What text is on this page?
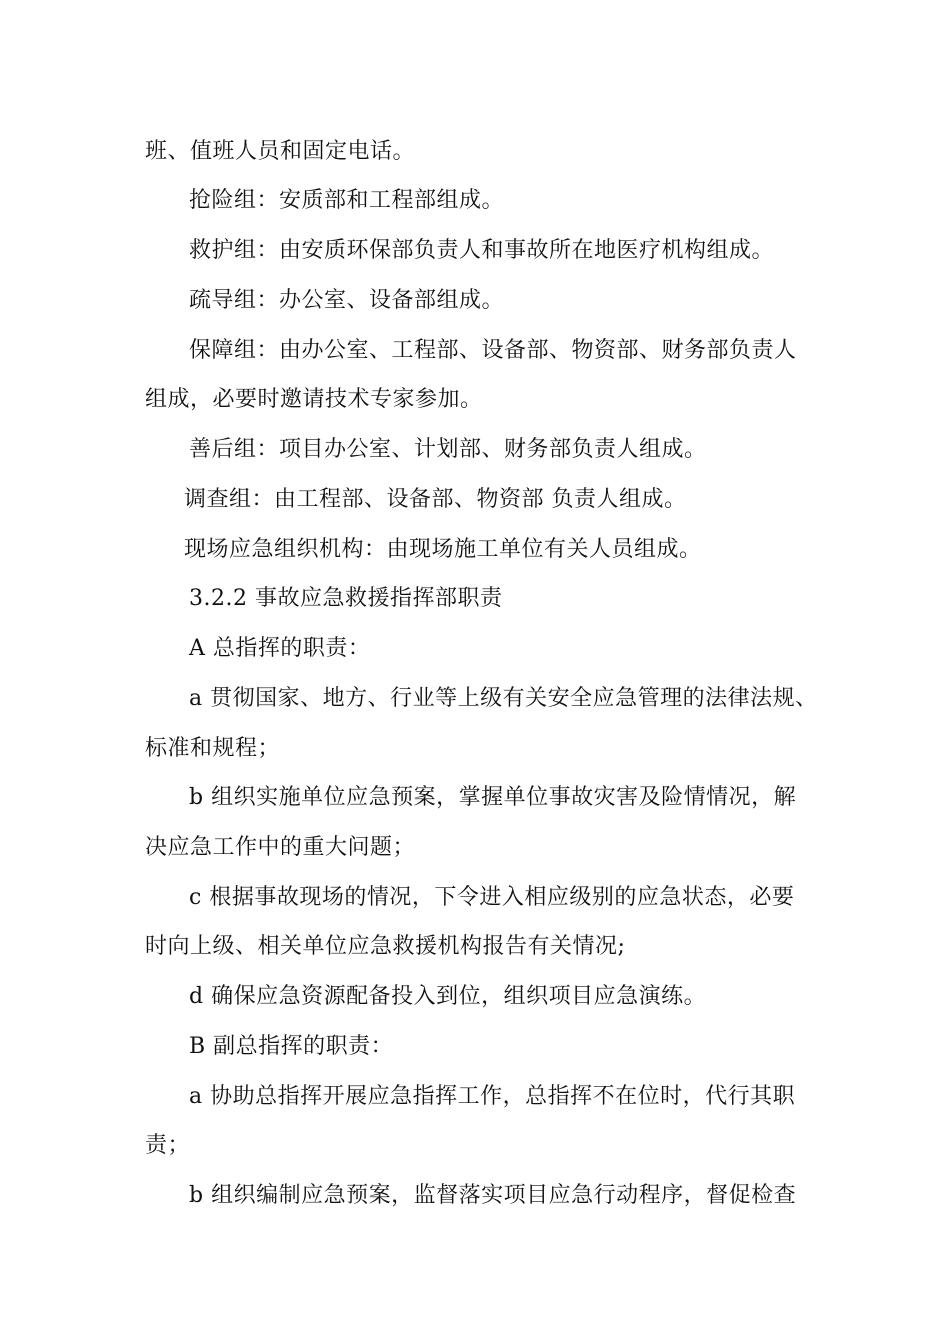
班、值班人员和固定电话。
抢险组：安质部和工程部组成。
救护组：由安质环保部负责人和事故所在地医疗机构组成。
疏导组：办公室、设备部组成。
保障组：由办公室、工程部、设备部、物资部、财务部负责人
组成，必要时邀请技术专家参加。
善后组：项目办公室、计划部、财务部负责人组成。
调查组：由工程部、设备部、物资部 负责人组成。
现场应急组织机构：由现场施工单位有关人员组成。
3.2.2 事故应急救援指挥部职责
A 总指挥的职责：
a 贯彻国家、地方、行业等上级有关安全应急管理的法律法规、
标准和规程；
b 组织实施单位应急预案，掌握单位事故灾害及险情情况，解
决应急工作中的重大问题；
c 根据事故现场的情况，下令进入相应级别的应急状态，必要
时向上级、相关单位应急救援机构报告有关情况;
d 确保应急资源配备投入到位，组织项目应急演练。
B 副总指挥的职责：
a 协助总指挥开展应急指挥工作，总指挥不在位时，代行其职
责；
b 组织编制应急预案，监督落实项目应急行动程序，督促检查
